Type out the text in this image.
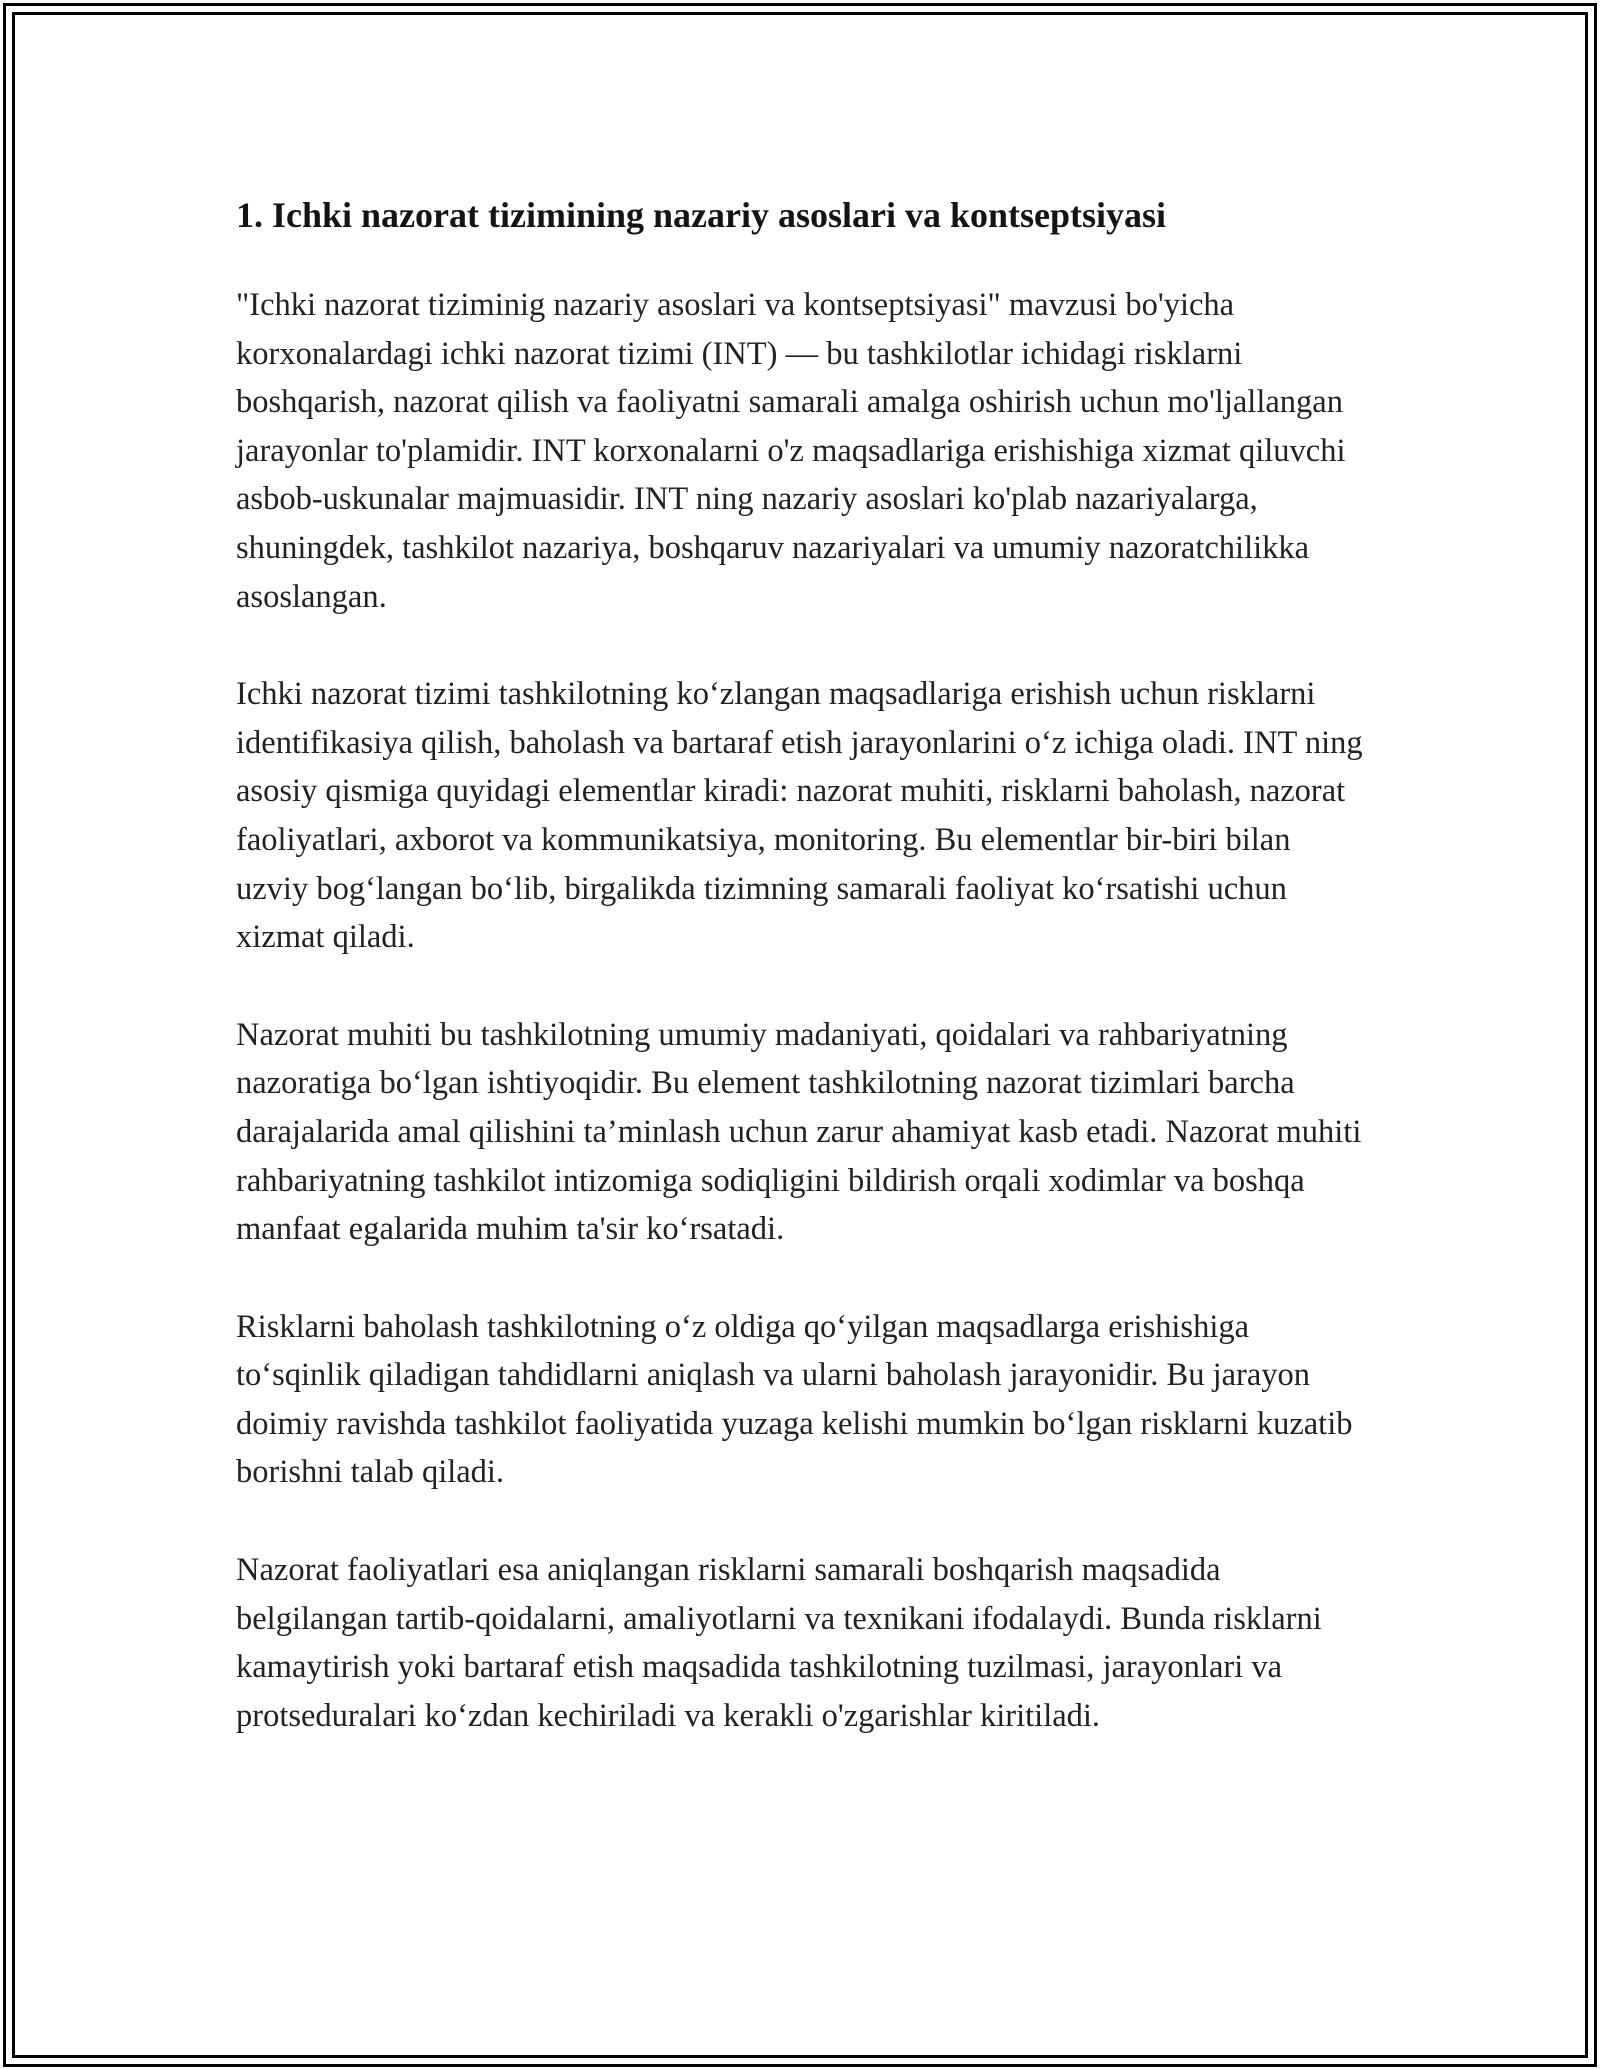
1. Ichki nazorat tizimining nazariy asoslari va kontseptsiyasi

"Ichki nazorat tiziminig nazariy asoslari va kontseptsiyasi" mavzusi bo'yicha korxonalardagi ichki nazorat tizimi (INT) — bu tashkilotlar ichidagi risklarni boshqarish, nazorat qilish va faoliyatni samarali amalga oshirish uchun mo'ljallangan jarayonlar to'plamidir. INT korxonalarni o'z maqsadlariga erishishiga xizmat qiluvchi asbob-uskunalar majmuasidir. INT ning nazariy asoslari ko'plab nazariyalarga, shuningdek, tashkilot nazariya, boshqaruv nazariyalari va umumiy nazoratchilikka asoslangan.

Ichki nazorat tizimi tashkilotning ko‘zlangan maqsadlariga erishish uchun risklarni identifikasiya qilish, baholash va bartaraf etish jarayonlarini o‘z ichiga oladi. INT ning asosiy qismiga quyidagi elementlar kiradi: nazorat muhiti, risklarni baholash, nazorat faoliyatlari, axborot va kommunikatsiya, monitoring. Bu elementlar bir-biri bilan uzviy bog‘langan bo‘lib, birgalikda tizimning samarali faoliyat ko‘rsatishi uchun xizmat qiladi.

Nazorat muhiti bu tashkilotning umumiy madaniyati, qoidalari va rahbariyatning nazoratiga bo‘lgan ishtiyoqidir. Bu element tashkilotning nazorat tizimlari barcha darajalarida amal qilishini ta’minlash uchun zarur ahamiyat kasb etadi. Nazorat muhiti rahbariyatning tashkilot intizomiga sodiqligini bildirish orqali xodimlar va boshqa manfaat egalarida muhim ta'sir ko‘rsatadi.

Risklarni baholash tashkilotning o‘z oldiga qo‘yilgan maqsadlarga erishishiga to‘sqinlik qiladigan tahdidlarni aniqlash va ularni baholash jarayonidir. Bu jarayon doimiy ravishda tashkilot faoliyatida yuzaga kelishi mumkin bo‘lgan risklarni kuzatib borishni talab qiladi.

Nazorat faoliyatlari esa aniqlangan risklarni samarali boshqarish maqsadida belgilangan tartib-qoidalarni, amaliyotlarni va texnikani ifodalaydi. Bunda risklarni kamaytirish yoki bartaraf etish maqsadida tashkilotning tuzilmasi, jarayonlari va protseduralari ko‘zdan kechiriladi va kerakli o'zgarishlar kiritiladi.
